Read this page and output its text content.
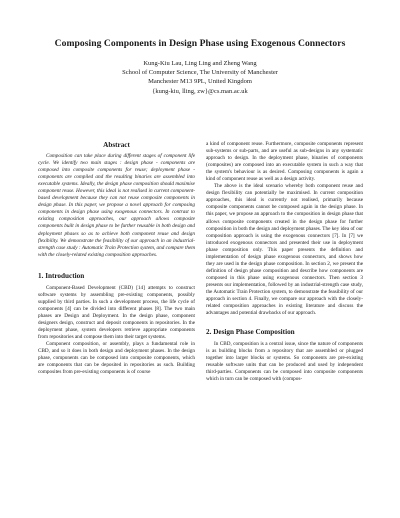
Composing Components in Design Phase using Exogenous Connectors
Kung-Kiu Lau, Ling Ling and Zheng Wang
School of Computer Science, The University of Manchester
Manchester M13 9PL, United Kingdom
{kung-kiu, lling, zw}@cs.man.ac.uk
Abstract

Composition can take place during different stages of component life cycle. We identify two main stages : design phase - components are composed into composite components for reuse; deployment phase - components are compiled and the resulting binaries are assembled into executable systems. Ideally, the design phase composition should maximise component reuse. However, this ideal is not realised in current component-based development because they can not reuse composite components in design phase. In this paper, we propose a novel approach for composing components in design phase using exogenous connectors. In contrast to existing composition approaches, our approach allows composite components built in design phase to be further reusable in both design and deployment phases so as to achieve both component reuse and design flexibility. We demonstrate the feasibility of our approach in an industrial-strength case study : Automatic Train Protection system, and compare them with the closely-related existing composition approaches.

1. Introduction

Component-Based Development (CBD) [14] attempts to construct software systems by assembling pre-existing components, possibly supplied by third parties. In such a development process, the life cycle of components [4] can be divided into different phases [8]. The two main phases are Design and Deployment. In the design phase, component designers design, construct and deposit components in repositories. In the deployment phase, system developers retrieve appropriate components from repositories and compose them into their target systems.

Component composition, or assembly, plays a fundamental role in CBD, and so it does in both design and deployment phases. In the design phase, components can be composed into composite components, which are components that can be deposited in repositories as such. Building composites from pre-existing components is of course

a kind of component reuse. Furthermore, composite components represent sub-systems or sub-parts, and are useful as sub-designs in any systematic approach to design. In the deployment phase, binaries of components (composites) are composed into an executable system in such a way that the system's behaviour is as desired. Composing components is again a kind of component reuse as well as a design activity.

The above is the ideal scenario whereby both component reuse and design flexibility can potentially be maximised. In current composition approaches, this ideal is currently not realised, primarily because composite components cannot be composed again in the design phase. In this paper, we propose an approach to the composition in design phase that allows composite components created in the design phase for further composition in both the design and deployment phases. The key idea of our composition approach is using the exogenous connectors [7]. In [7] we introduced exogenous connectors and presented their use in deployment phase composition only. This paper presents the definition and implementation of design phase exogenous connectors, and shows how they are used in the design phase composition. In section 2, we present the definition of design phase composition and describe how components are composed in this phase using exogenous connectors. Then section 3 presents our implementation, followed by an industrial-strength case study, the Automatic Train Protection system, to demonstrate the feasibility of our approach in section 4. Finally, we compare our approach with the closely-related composition approaches in existing literature and discuss the advantages and potential drawbacks of our approach.

2. Design Phase Composition

In CBD, composition is a central issue, since the nature of components is as building blocks from a repository that are assembled or plugged together into larger blocks or systems. So components are pre-existing reusable software units that can be produced and used by independent third-parties. Components can be composed into composite components which in turn can be composed with (compos-
